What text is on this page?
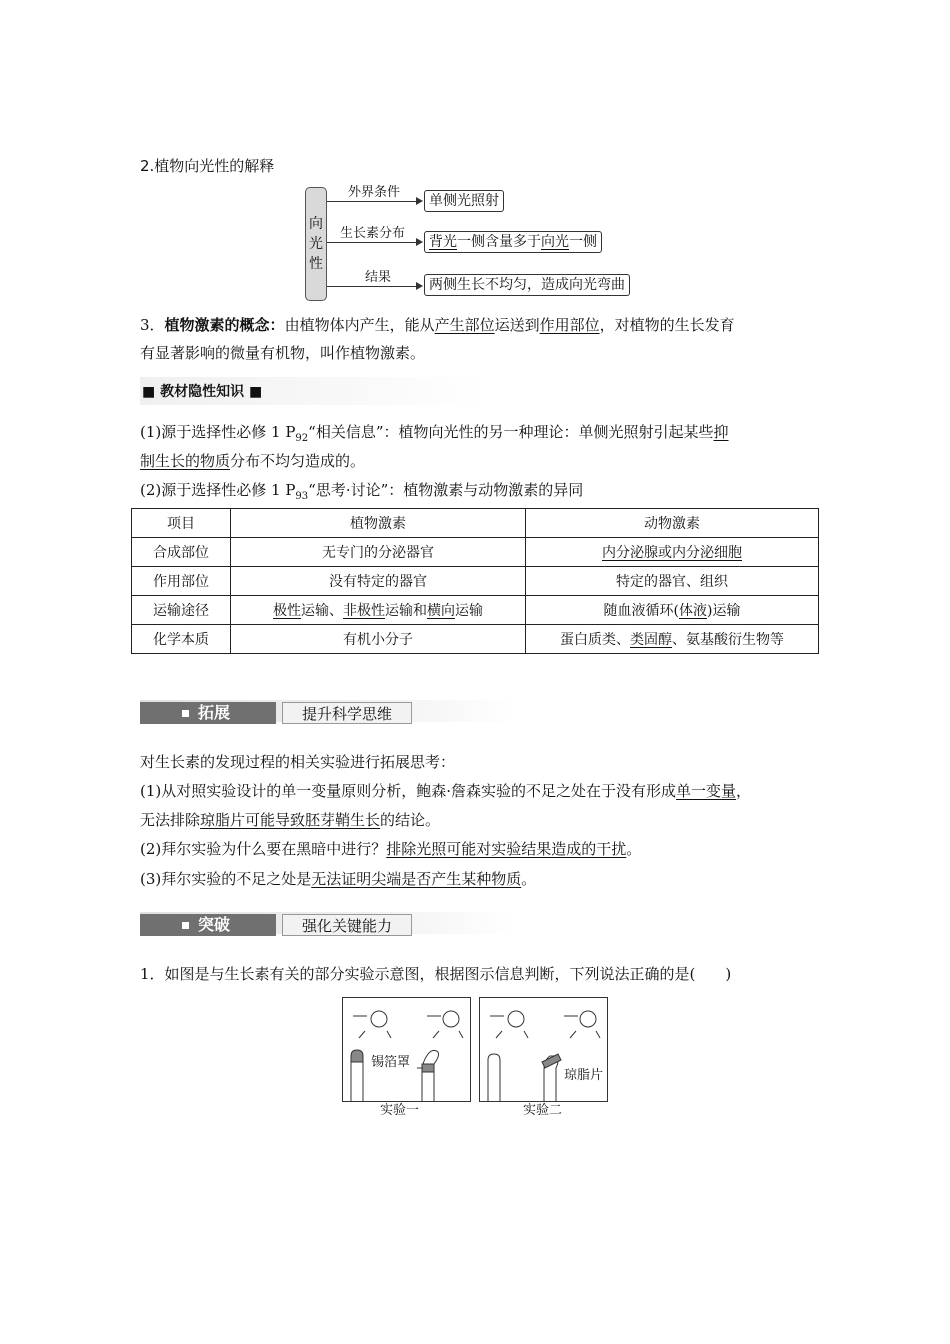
2.植物向光性的解释
向
光
性
外界条件
单侧光照射
生长素分布
背光一侧含量多于向光一侧
结果	两侧生长不均匀，造成向光弯曲
3．植物激素的概念：由植物体内产生，能从产生部位运送到作用部位，对植物的生长发育
有显著影响的微量有机物，叫作植物激素。
■ 教材隐性知识 ■
(1)源于选择性必修 1 $P_{92}“$相关信息”：植物向光性的另一种理论：单侧光照射引起某些抑
制生长的物质分布不均匀造成的。
(2)源于选择性必修 1 $P_{93}“$思考·讨论”：植物激素与动物激素的异同
项目	植物激素	动物激素
合成部位	无专门的分泌器官	内分泌腺或内分泌细胞
作用部位	没有特定的器官	特定的器官、组织
运输途径	极性运输、非极性运输和横向运输	随血液循环(体液)运输
化学本质	有机小分子	蛋白质类、类固醇、氨基酸衍生物等
拓展	提升科学思维
对生长素的发现过程的相关实验进行拓展思考：
(1)从对照实验设计的单一变量原则分析，鲍森·詹森实验的不足之处在于没有形成单一变量，
无法排除琼脂片可能导致胚芽鞘生长的结论。
(2)拜尔实验为什么要在黑暗中进行？排除光照可能对实验结果造成的干扰。
(3)拜尔实验的不足之处是无法证明尖端是否产生某种物质。
突破	强化关键能力
1．如图是与生长素有关的部分实验示意图，根据图示信息判断，下列说法正确的是(　　)
锡箔罩
实验一
琼脂片
实验二
